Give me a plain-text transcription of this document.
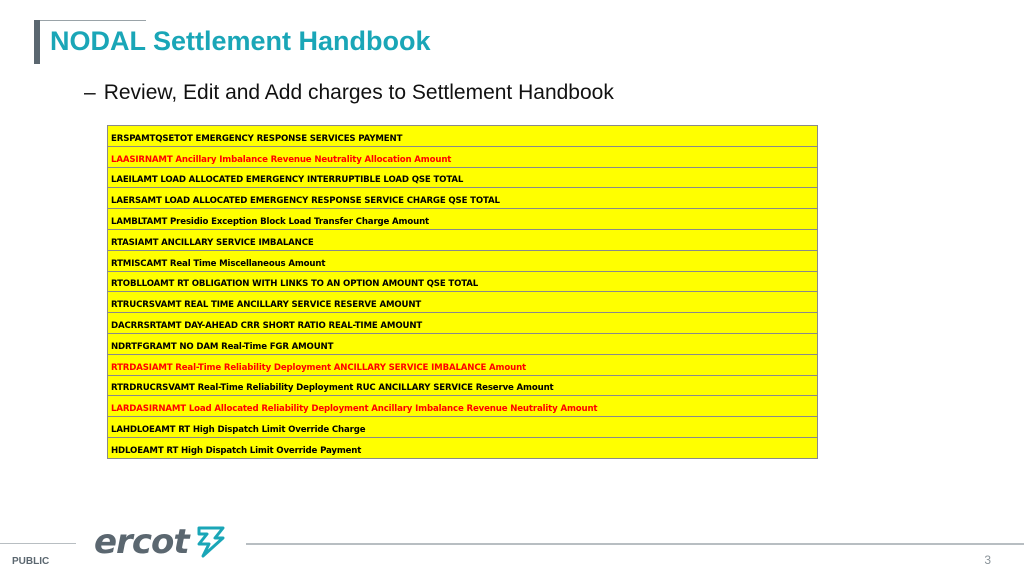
NODAL Settlement Handbook
– Review, Edit and Add charges to Settlement Handbook
ERSPAMTQSETOT EMERGENCY RESPONSE SERVICES PAYMENT
LAASIRNAMT Ancillary Imbalance Revenue Neutrality Allocation Amount
LAEILAMT LOAD ALLOCATED EMERGENCY INTERRUPTIBLE LOAD QSE TOTAL
LAERSAMT LOAD ALLOCATED EMERGENCY RESPONSE SERVICE CHARGE QSE TOTAL
LAMBLTAMT Presidio Exception Block Load Transfer Charge Amount
RTASIAMT ANCILLARY SERVICE IMBALANCE
RTMISCAMT Real Time Miscellaneous Amount
RTOBLLOAMT RT OBLIGATION WITH LINKS TO AN OPTION AMOUNT QSE TOTAL
RTRUCRSVAMT REAL TIME ANCILLARY SERVICE RESERVE AMOUNT
DACRRSRTAMT DAY-AHEAD CRR SHORT RATIO REAL-TIME AMOUNT
NDRTFGRAMT NO DAM Real-Time FGR AMOUNT
RTRDASIAMT Real-Time Reliability Deployment ANCILLARY SERVICE IMBALANCE Amount
RTRDRUCRSVAMT Real-Time Reliability Deployment RUC ANCILLARY SERVICE Reserve Amount
LARDASIRNAMT Load Allocated Reliability Deployment Ancillary Imbalance Revenue Neutrality Amount
LAHDLOEAMT RT High Dispatch Limit Override Charge
HDLOEAMT RT High Dispatch Limit Override Payment
ercot
PUBLIC	3
